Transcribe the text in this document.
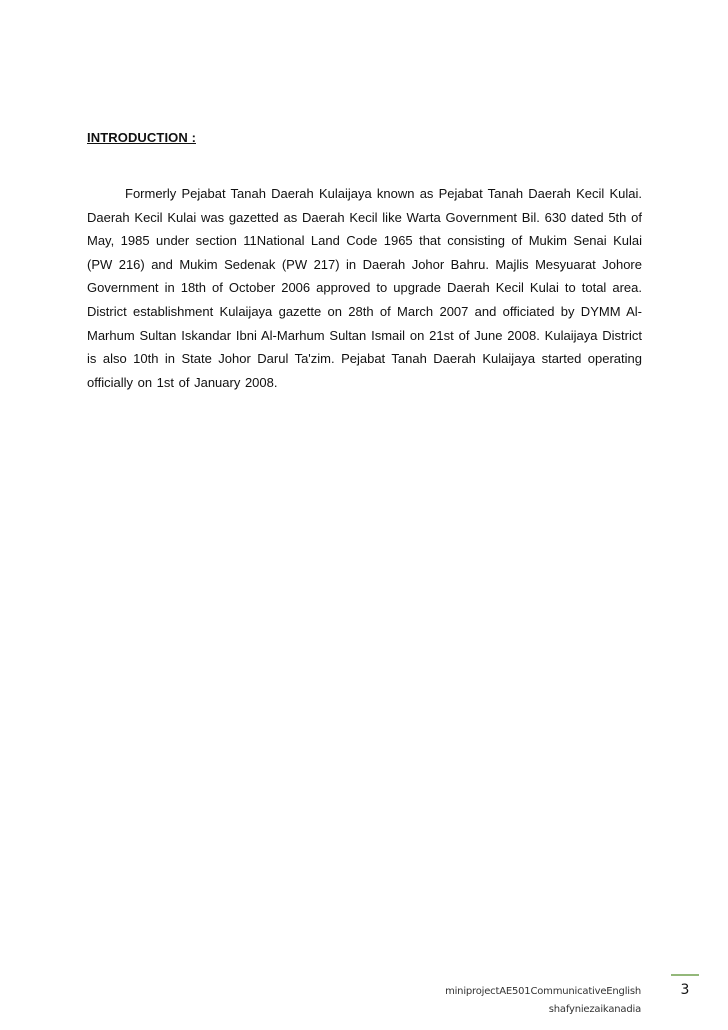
INTRODUCTION :

Formerly Pejabat Tanah Daerah Kulaijaya known as Pejabat Tanah Daerah Kecil Kulai. Daerah Kecil Kulai was gazetted as Daerah Kecil like Warta Government Bil. 630 dated 5th of May, 1985 under section 11National Land Code 1965 that consisting of Mukim Senai Kulai (PW 216) and Mukim Sedenak (PW 217) in Daerah Johor Bahru. Majlis Mesyuarat Johore Government in 18th of October 2006 approved to upgrade Daerah Kecil Kulai to total area. District establishment Kulaijaya gazette on 28th of March 2007 and officiated by DYMM Al-Marhum Sultan Iskandar Ibni Al-Marhum Sultan Ismail on 21st of June 2008. Kulaijaya District is also 10th in State Johor Darul Ta'zim. Pejabat Tanah Daerah Kulaijaya started operating officially on 1st of January 2008.

miniprojectAE501CommunicativeEnglish
shafyniezaikanadia
3
